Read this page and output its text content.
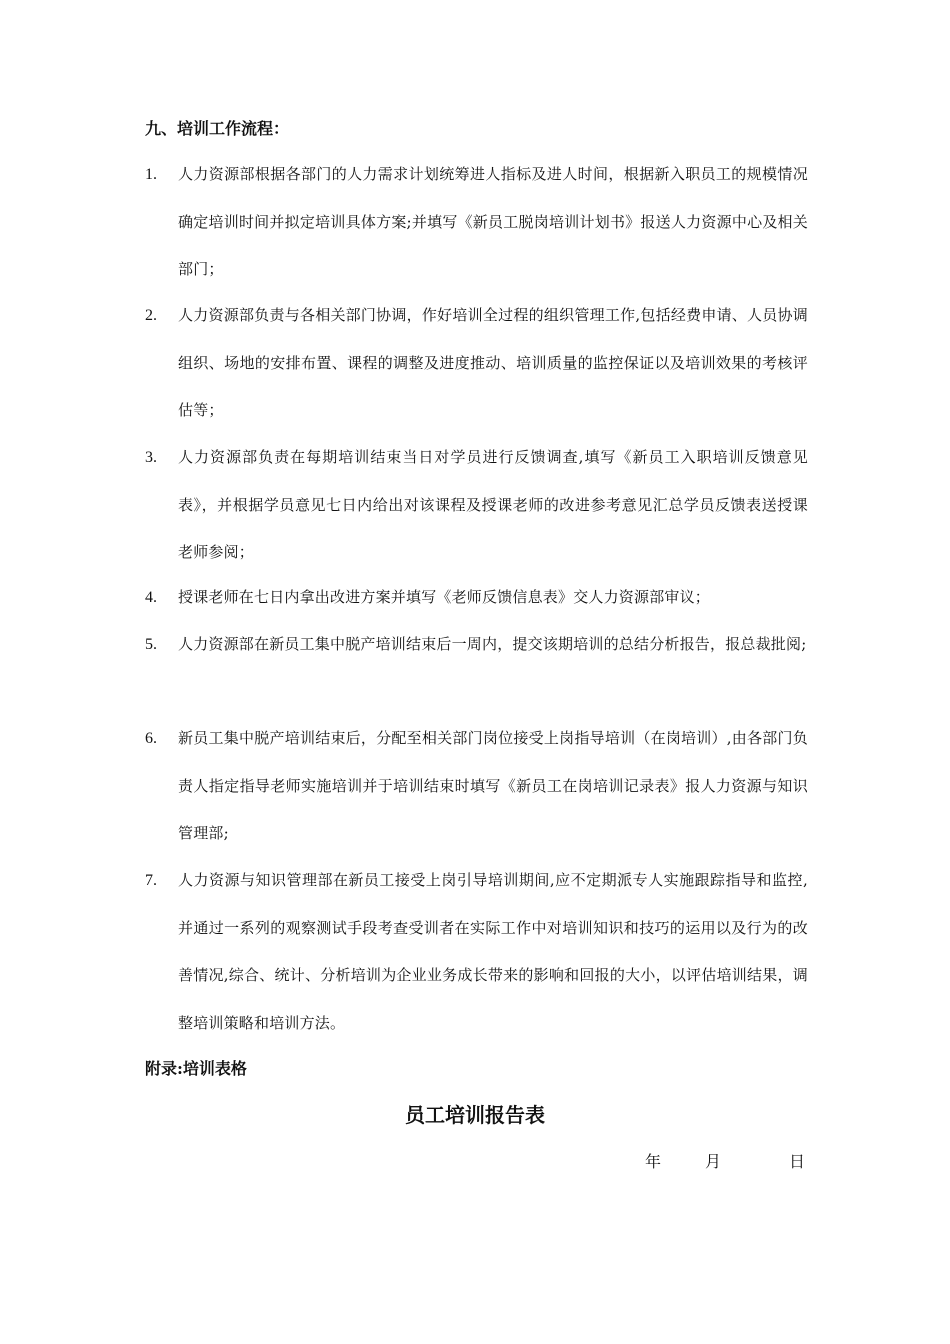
九、培训工作流程：
1.	人力资源部根据各部门的人力需求计划统筹进人指标及进人时间，根据新入职员工的规模情况确定培训时间并拟定培训具体方案;并填写《新员工脱岗培训计划书》报送人力资源中心及相关部门；
2.	人力资源部负责与各相关部门协调，作好培训全过程的组织管理工作,包括经费申请、人员协调组织、场地的安排布置、课程的调整及进度推动、培训质量的监控保证以及培训效果的考核评估等；
3.	人力资源部负责在每期培训结束当日对学员进行反馈调查,填写《新员工入职培训反馈意见表》，并根据学员意见七日内给出对该课程及授课老师的改进参考意见汇总学员反馈表送授课老师参阅；
4.	授课老师在七日内拿出改进方案并填写《老师反馈信息表》交人力资源部审议；
5.	人力资源部在新员工集中脱产培训结束后一周内，提交该期培训的总结分析报告，报总裁批阅;
6.	新员工集中脱产培训结束后，分配至相关部门岗位接受上岗指导培训（在岗培训）,由各部门负责人指定指导老师实施培训并于培训结束时填写《新员工在岗培训记录表》报人力资源与知识管理部;
7.	人力资源与知识管理部在新员工接受上岗引导培训期间,应不定期派专人实施跟踪指导和监控,并通过一系列的观察测试手段考查受训者在实际工作中对培训知识和技巧的运用以及行为的改善情况,综合、统计、分析培训为企业业务成长带来的影响和回报的大小，以评估培训结果，调整培训策略和培训方法。
附录:培训表格
员工培训报告表
年	月	日
